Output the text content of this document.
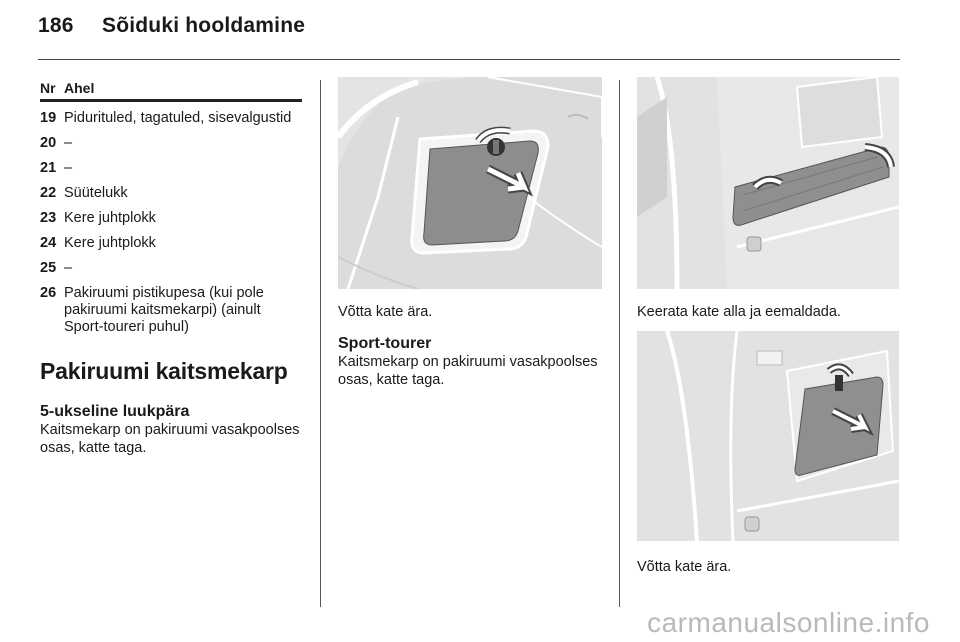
186 Sõiduki hooldamine
Nr Ahel
19 Pidurituled, tagatuled, sisevalgustid
20 –
21 –
22 Süütelukk
23 Kere juhtplokk
24 Kere juhtplokk
25 –
26 Pakiruumi pistikupesa (kui pole pakiruumi kaitsmekarpi) (ainult Sport-toureri puhul)
Pakiruumi kaitsmekarp
5-ukseline luukpära
Kaitsmekarp on pakiruumi vasakpoolses osas, katte taga.
Võtta kate ära.
Sport-tourer
Kaitsmekarp on pakiruumi vasakpoolses osas, katte taga.
Keerata kate alla ja eemaldada.
Võtta kate ära.
carmanualsonline.info
